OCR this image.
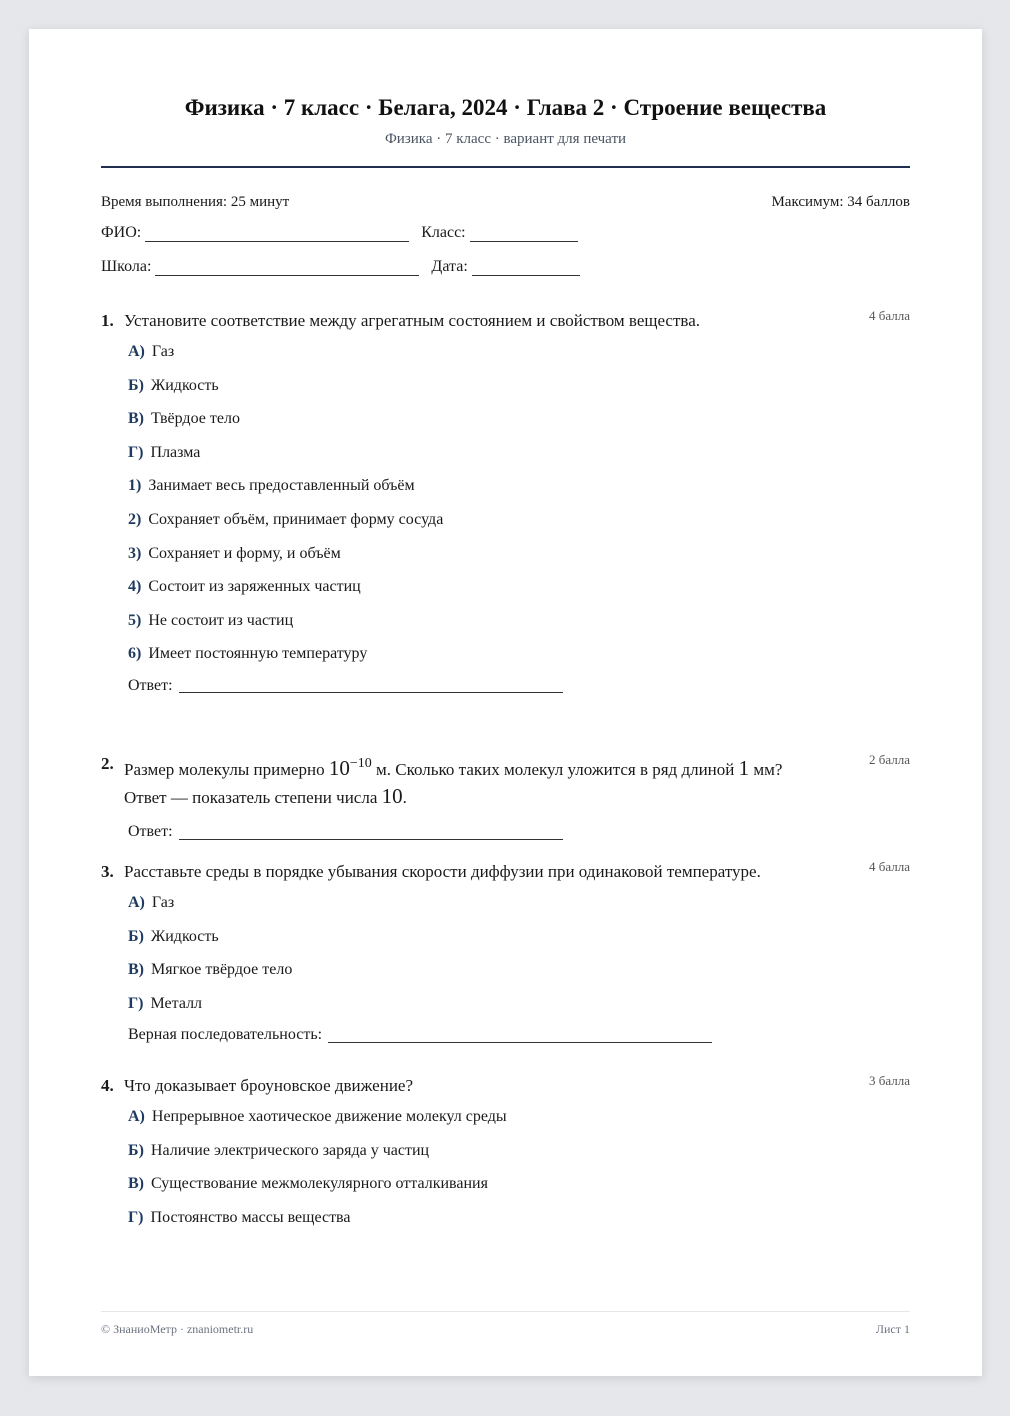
Физика · 7 класс · Белага, 2024 · Глава 2 · Строение вещества
Физика · 7 класс · вариант для печати
Время выполнения: 25 минут	Максимум: 34 баллов
ФИО:	Класс:
Школа:	Дата:
1. Установите соответствие между агрегатным состоянием и свойством вещества.	4 балла
А) Газ
Б) Жидкость
В) Твёрдое тело
Г) Плазма
1) Занимает весь предоставленный объём
2) Сохраняет объём, принимает форму сосуда
3) Сохраняет и форму, и объём
4) Состоит из заряженных частиц
5) Не состоит из частиц
6) Имеет постоянную температуру
Ответ:
2. Размер молекулы примерно $10^{-10}$ м. Сколько таких молекул уложится в ряд длиной 1 мм?
Ответ — показатель степени числа 10.
2 балла
Ответ:
3. Расставьте среды в порядке убывания скорости диффузии при одинаковой температуре.	4 балла
А) Газ
Б) Жидкость
В) Мягкое твёрдое тело
Г) Металл
Верная последовательность:
4. Что доказывает броуновское движение?	3 балла
А) Непрерывное хаотическое движение молекул среды
Б) Наличие электрического заряда у частиц
В) Существование межмолекулярного отталкивания
Г) Постоянство массы вещества
© ЗнаниоМетр · znaniometr.ru	Лист 1
